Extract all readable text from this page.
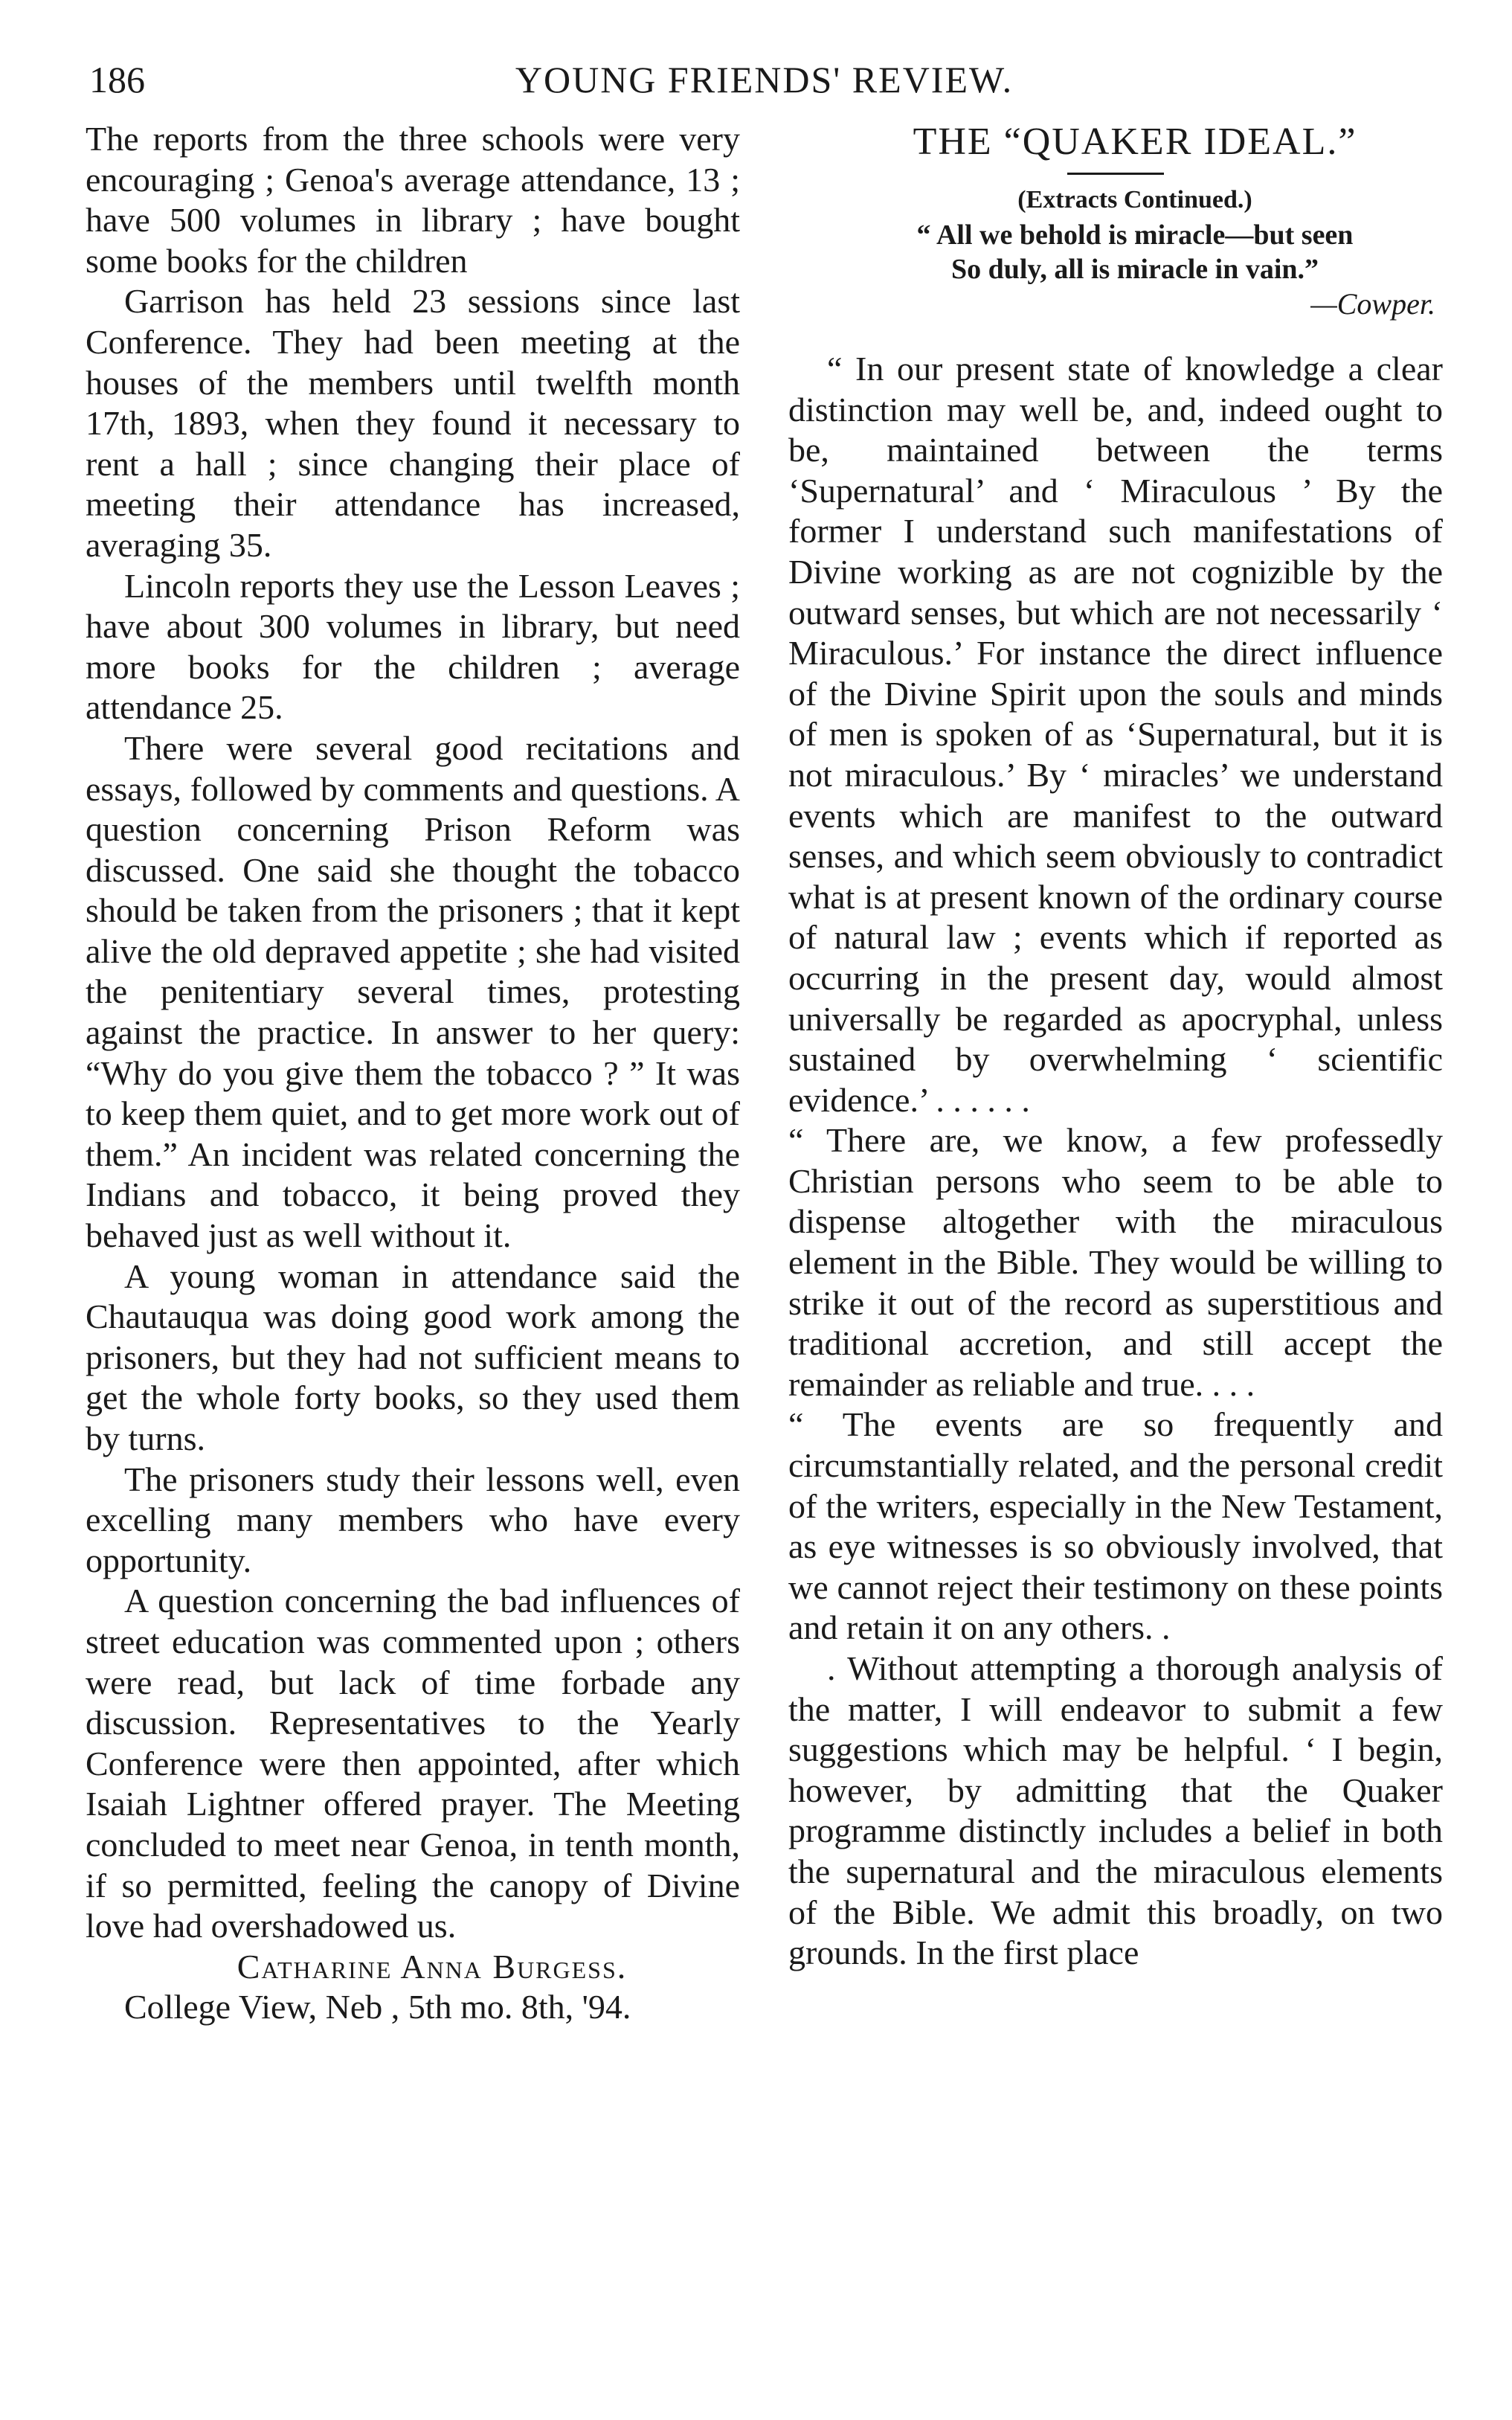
186	YOUNG FRIENDS' REVIEW.

The reports from the three schools were very encouraging ; Genoa's average attendance, 13 ; have 500 volumes in library ; have bought some books for the children

Garrison has held 23 sessions since last Conference. They had been meeting at the houses of the members until twelfth month 17th, 1893, when they found it necessary to rent a hall ; since changing their place of meeting their attendance has increased, averaging 35.

Lincoln reports they use the Lesson Leaves ; have about 300 volumes in library, but need more books for the children ; average attendance 25.

There were several good recitations and essays, followed by comments and questions. A question concerning Prison Reform was discussed. One said she thought the tobacco should be taken from the prisoners ; that it kept alive the old depraved appetite ; she had visited the penitentiary several times, protesting against the practice. In answer to her query: “Why do you give them the tobacco ? ” It was to keep them quiet, and to get more work out of them.” An incident was related concerning the Indians and tobacco, it being proved they behaved just as well without it.

A young woman in attendance said the Chautauqua was doing good work among the prisoners, but they had not sufficient means to get the whole forty books, so they used them by turns.

The prisoners study their lessons well, even excelling many members who have every opportunity.

A question concerning the bad influences of street education was commented upon ; others were read, but lack of time forbade any discussion. Representatives to the Yearly Conference were then appointed, after which Isaiah Lightner offered prayer. The Meeting concluded to meet near Genoa, in tenth month, if so permitted, feeling the canopy of Divine love had overshadowed us.

Catharine Anna Burgess.

College View, Neb , 5th mo. 8th, '94.

THE “QUAKER IDEAL.”

(Extracts Continued.)

“ All we behold is miracle—but seen
So duly, all is miracle in vain.”
—Cowper.

“ In our present state of knowledge a clear distinction may well be, and, indeed ought to be, maintained between the terms ‘Supernatural’ and ‘ Miraculous ’ By the former I understand such manifestations of Divine working as are not cognizible by the outward senses, but which are not necessarily ‘ Miraculous.’ For instance the direct influence of the Divine Spirit upon the souls and minds of men is spoken of as ‘Supernatural, but it is not miraculous.’ By ‘ miracles’ we understand events which are manifest to the outward senses, and which seem obviously to contradict what is at present known of the ordinary course of natural law ; events which if reported as occurring in the present day, would almost universally be regarded as apocryphal, unless sustained by overwhelming ‘ scientific evidence.’ . . . . . .

“ There are, we know, a few professedly Christian persons who seem to be able to dispense altogether with the miraculous element in the Bible. They would be willing to strike it out of the record as superstitious and traditional accretion, and still accept the remainder as reliable and true. . . .

“ The events are so frequently and circumstantially related, and the personal credit of the writers, especially in the New Testament, as eye witnesses is so obviously involved, that we cannot reject their testimony on these points and retain it on any others. .

. Without attempting a thorough analysis of the matter, I will endeavor to submit a few suggestions which may be helpful. ‘ I begin, however, by admitting that the Quaker programme distinctly includes a belief in both the supernatural and the miraculous elements of the Bible. We admit this broadly, on two grounds. In the first place
